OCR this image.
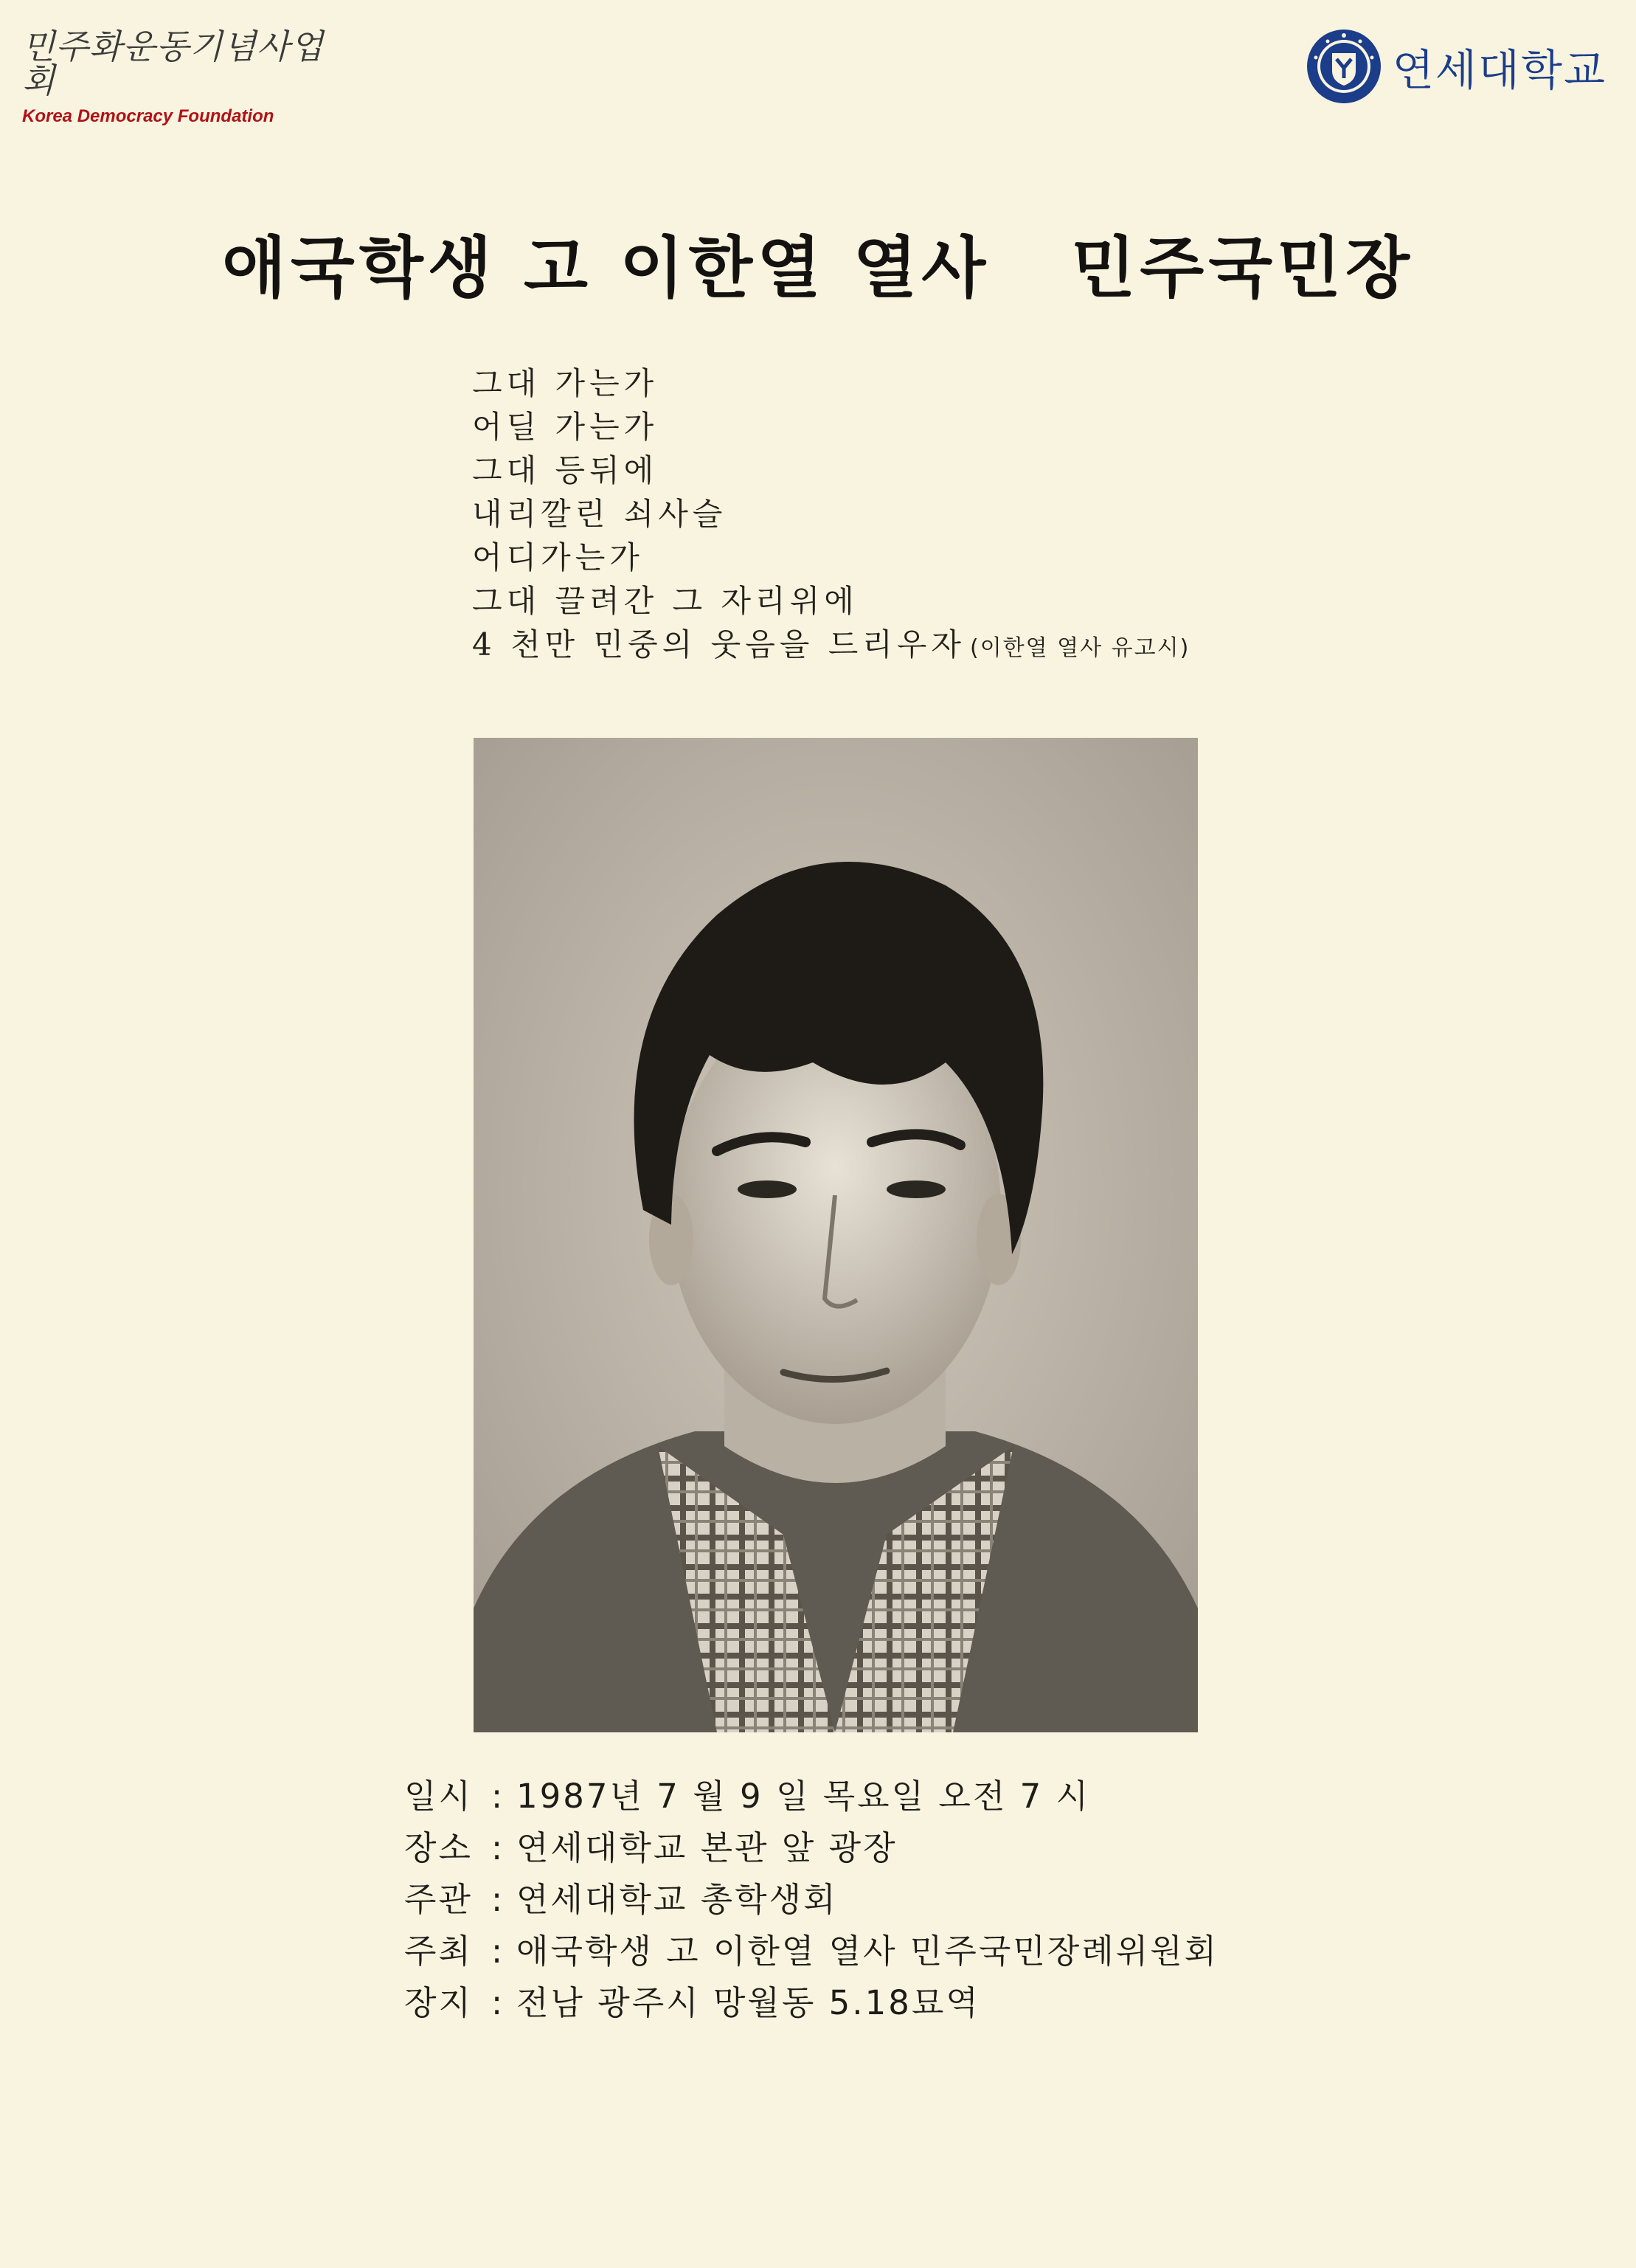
민주화운동기념사업회
Korea Democracy Foundation
연세대학교
애국학생 고 이한열 열사 민주국민장
그대 가는가
어딜 가는가
그대 등뒤에
내리깔린 쇠사슬
어디가는가
그대 끌려간 그 자리위에
4 천만 민중의 웃음을 드리우자 (이한열 열사 유고시)
일시 : 1987년 7 월 9 일 목요일 오전 7 시
장소 : 연세대학교 본관 앞 광장
주관 : 연세대학교 총학생회
주최 : 애국학생 고 이한열 열사 민주국민장례위원회
장지 : 전남 광주시 망월동 5.18묘역
